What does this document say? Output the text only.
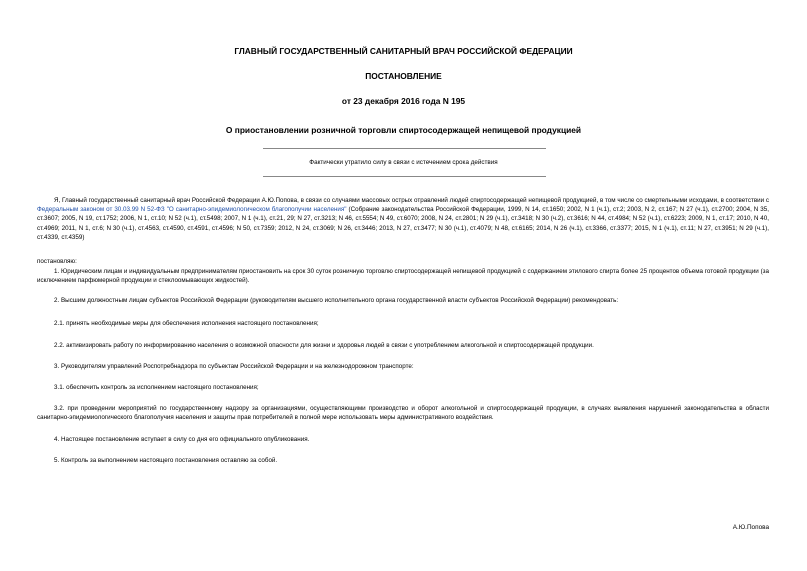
ГЛАВНЫЙ ГОСУДАРСТВЕННЫЙ САНИТАРНЫЙ ВРАЧ РОССИЙСКОЙ ФЕДЕРАЦИИ
ПОСТАНОВЛЕНИЕ
от 23 декабря 2016 года N 195
О приостановлении розничной торговли спиртосодержащей непищевой продукцией
Фактически утратило силу в связи с истечением срока действия
Я, Главный государственный санитарный врач Российской Федерации А.Ю.Попова, в связи со случаями массовых острых отравлений людей спиртосодержащей непищевой продукцией, в том числе со смертельными исходами, в соответствии с Федеральным законом от 30.03.99 N 52-ФЗ "О санитарно-эпидемиологическом благополучии населения" (Собрание законодательства Российской Федерации, 1999, N 14, ст.1650; 2002, N 1 (ч.1), ст.2; 2003, N 2, ст.167; N 27 (ч.1), ст.2700; 2004, N 35, ст.3607; 2005, N 19, ст.1752; 2006, N 1, ст.10; N 52 (ч.1), ст.5498; 2007, N 1 (ч.1), ст.21, 29; N 27, ст.3213; N 46, ст.5554; N 49, ст.6070; 2008, N 24, ст.2801; N 29 (ч.1), ст.3418; N 30 (ч.2), ст.3616; N 44, ст.4984; N 52 (ч.1), ст.6223; 2009, N 1, ст.17; 2010, N 40, ст.4969; 2011, N 1, ст.6; N 30 (ч.1), ст.4563, ст.4590, ст.4591, ст.4596; N 50, ст.7359; 2012, N 24, ст.3069; N 26, ст.3446; 2013, N 27, ст.3477; N 30 (ч.1), ст.4079; N 48, ст.6165; 2014, N 26 (ч.1), ст.3366, ст.3377; 2015, N 1 (ч.1), ст.11; N 27, ст.3951; N 29 (ч.1), ст.4339, ст.4359)
постановляю:
1. Юридическим лицам и индивидуальным предпринимателям приостановить на срок 30 суток розничную торговлю спиртосодержащей непищевой продукцией с содержанием этилового спирта более 25 процентов объема готовой продукции (за исключением парфюмерной продукции и стеклоомывающих жидкостей).
2. Высшим должностным лицам субъектов Российской Федерации (руководителям высшего исполнительного органа государственной власти субъектов Российской Федерации) рекомендовать:
2.1. принять необходимые меры для обеспечения исполнения настоящего постановления;
2.2. активизировать работу по информированию населения о возможной опасности для жизни и здоровья людей в связи с употреблением алкогольной и спиртосодержащей продукции.
3. Руководителям управлений Роспотребнадзора по субъектам Российской Федерации и на железнодорожном транспорте:
3.1. обеспечить контроль за исполнением настоящего постановления;
3.2. при проведении мероприятий по государственному надзору за организациями, осуществляющими производство и оборот алкогольной и спиртосодержащей продукции, в случаях выявления нарушений законодательства в области санитарно-эпидемиологического благополучия населения и защиты прав потребителей в полной мере использовать меры административного воздействия.
4. Настоящее постановление вступает в силу со дня его официального опубликования.
5. Контроль за выполнением настоящего постановления оставляю за собой.
А.Ю.Попова
